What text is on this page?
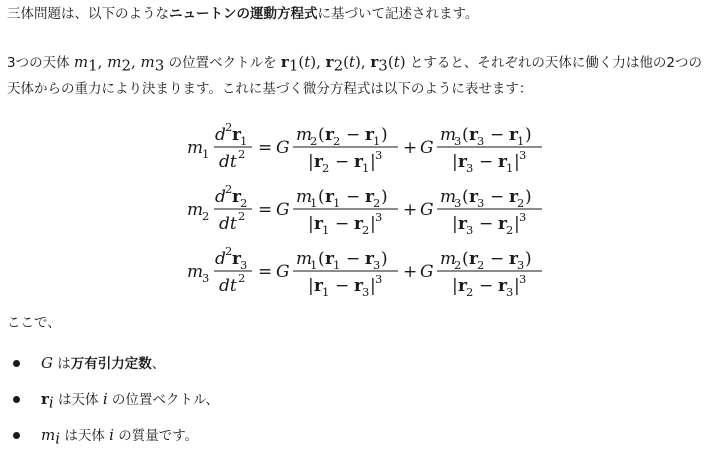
三体問題は、以下のようなニュートンの運動方程式に基づいて記述されます。
3つの天体 $m_1$, $m_2$, $m_3$ の位置ベクトルを $r_1(t)$, $r_2(t)$, $r_3(t)$ とすると、それぞれの天体に働く力は他の2つの
天体からの重力により決まります。これに基づく微分方程式は以下のように表せます：
m
1
d 2 r 1
dt 2 = G
m
2 ( r 2 − r 1 )
| r 2 − r 1 | 3 + G
m
3 ( r 3 − r 1 )
| r 3 − r 1 | 3
m
2
d 2 r 2
dt 2 = G
m
1 ( r 1 − r 2 )
| r 1 − r 2 | 3 + G
m
3 ( r 3 − r 2 )
| r 3 − r 2 | 3
m
3
d 2 r 3
dt 2 = G
m
1 ( r 1 − r 3 )
| r 1 − r 3 | 3 + G
m
2 ( r 2 − r 3 )
| r 2 − r 3 | 3
ここで、
G は万有引力定数、
$r_i$ は天体 i の位置ベクトル、
$m_i$ は天体 i の質量です。
